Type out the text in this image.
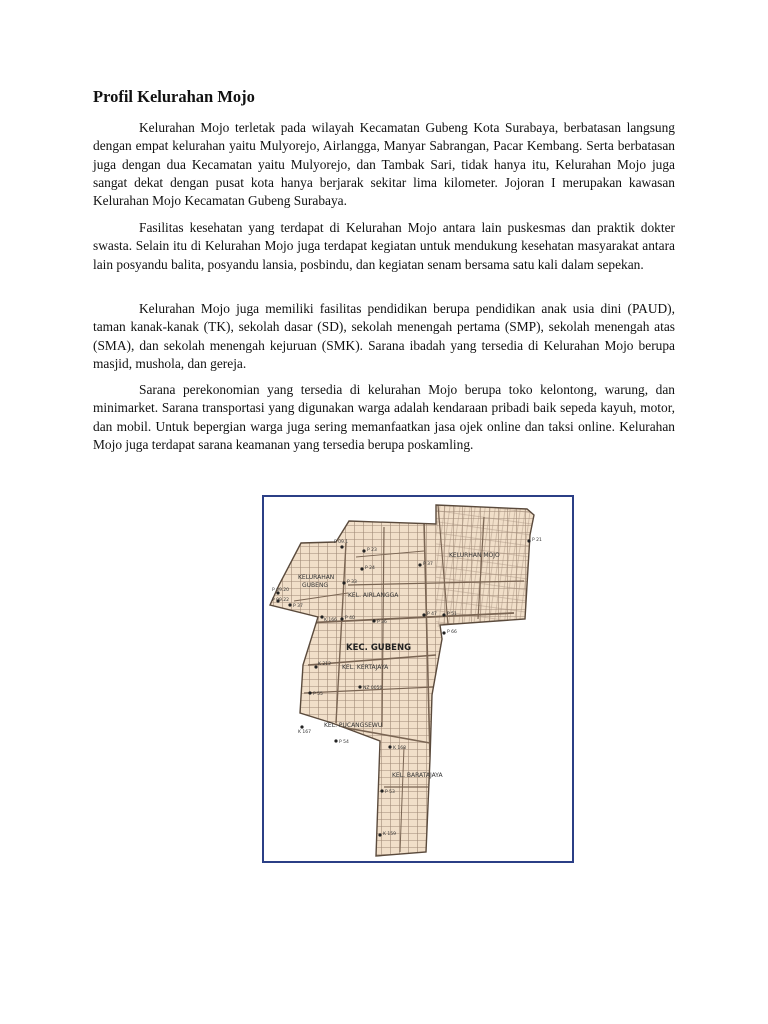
Profil Kelurahan Mojo

Kelurahan Mojo terletak pada wilayah Kecamatan Gubeng Kota Surabaya, berbatasan langsung dengan empat kelurahan yaitu Mulyorejo, Airlangga, Manyar Sabrangan, Pacar Kembang. Serta berbatasan juga dengan dua Kecamatan yaitu Mulyorejo, dan Tambak Sari, tidak hanya itu, Kelurahan Mojo juga sangat dekat dengan pusat kota hanya berjarak sekitar lima kilometer. Jojoran I merupakan kawasan Kelurahan Mojo Kecamatan Gubeng Surabaya.

Fasilitas kesehatan yang terdapat di Kelurahan Mojo antara lain puskesmas dan praktik dokter swasta. Selain itu di Kelurahan Mojo juga terdapat kegiatan untuk mendukung kesehatan masyarakat antara lain posyandu balita, posyandu lansia, posbindu, dan kegiatan senam bersama satu kali dalam sepekan.

Kelurahan Mojo juga memiliki fasilitas pendidikan berupa pendidikan anak usia dini (PAUD), taman kanak-kanak (TK), sekolah dasar (SD), sekolah menengah pertama (SMP), sekolah menengah atas (SMA), dan sekolah menengah kejuruan (SMK). Sarana ibadah yang tersedia di Kelurahan Mojo berupa masjid, mushola, dan gereja.

Sarana perekonomian yang tersedia di kelurahan Mojo berupa toko kelontong, warung, dan minimarket. Sarana transportasi yang digunakan warga adalah kendaraan pribadi baik sepeda kayuh, motor, dan mobil. Untuk bepergian warga juga sering memanfaatkan jasa ojek online dan taksi online. Kelurahan Mojo juga terdapat sarana keamanan yang tersedia berupa poskamling.

KEC. GUBENG
KELURHAN MOJO
KELURAHAN
GUBENG
KEL. AIRLANGGA
KEL. KERTAJAYA
KEL. PUCANGSEWU
KEL. BARATAJAYA
P 09.1	P 21
P 23
P 24
P 33
P 37
P 09.20
P 09.22
P 37
P 40
P 36
P 47 P 51
P 66
K 166
P 55
P 54
K 167
K 168
K 212
NZ 0050
P 53
K 159
